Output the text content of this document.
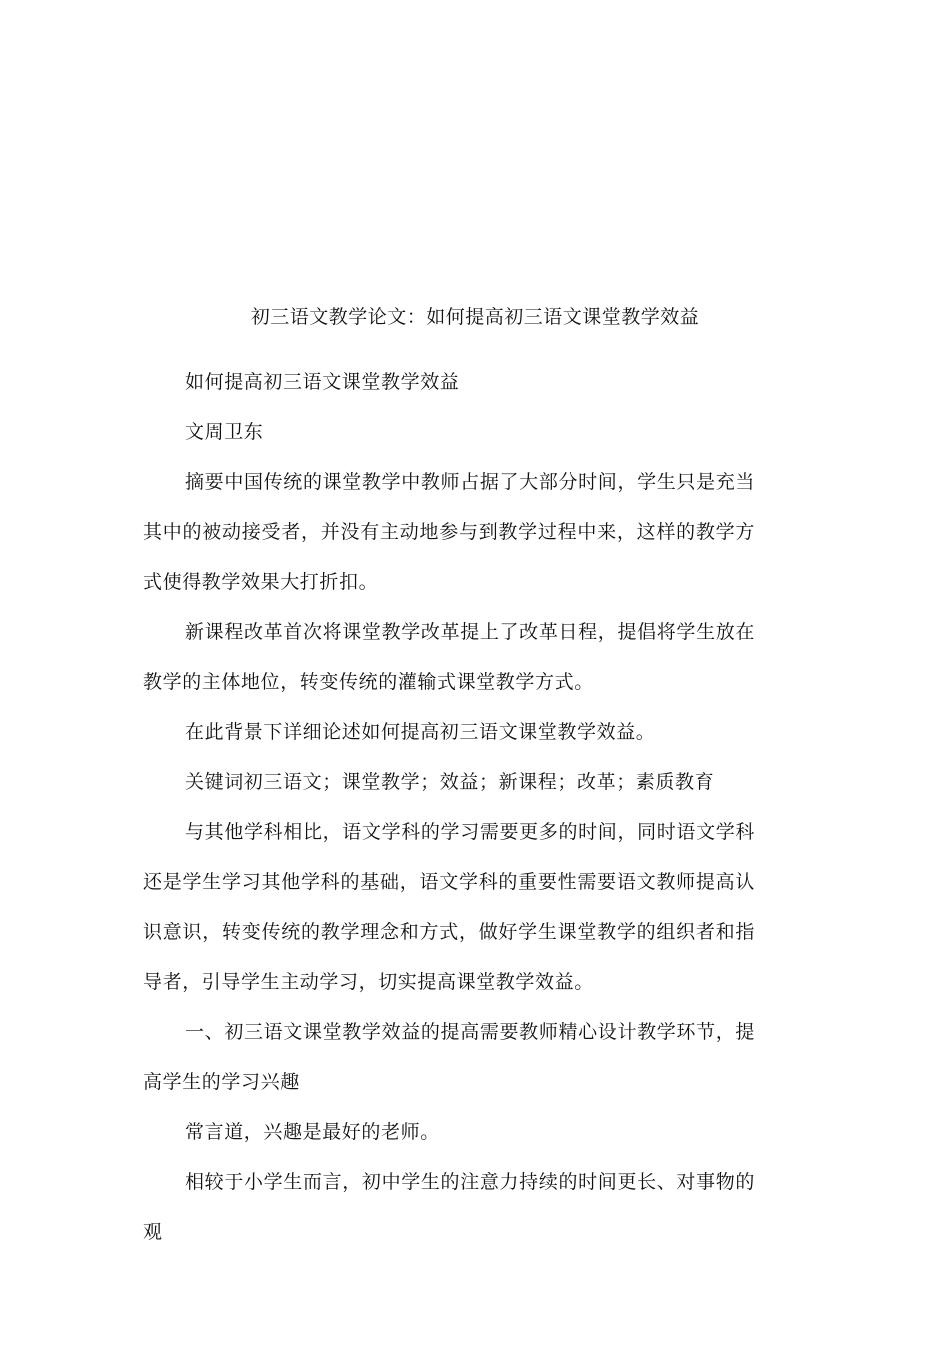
初三语文教学论文：如何提高初三语文课堂教学效益

如何提高初三语文课堂教学效益

文周卫东

摘要中国传统的课堂教学中教师占据了大部分时间，学生只是充当其中的被动接受者，并没有主动地参与到教学过程中来，这样的教学方式使得教学效果大打折扣。

新课程改革首次将课堂教学改革提上了改革日程，提倡将学生放在教学的主体地位，转变传统的灌输式课堂教学方式。

在此背景下详细论述如何提高初三语文课堂教学效益。

关键词初三语文；课堂教学；效益；新课程；改革；素质教育

与其他学科相比，语文学科的学习需要更多的时间，同时语文学科还是学生学习其他学科的基础，语文学科的重要性需要语文教师提高认识意识，转变传统的教学理念和方式，做好学生课堂教学的组织者和指导者，引导学生主动学习，切实提高课堂教学效益。

一、初三语文课堂教学效益的提高需要教师精心设计教学环节，提高学生的学习兴趣

常言道，兴趣是最好的老师。

相较于小学生而言，初中学生的注意力持续的时间更长、对事物的观
